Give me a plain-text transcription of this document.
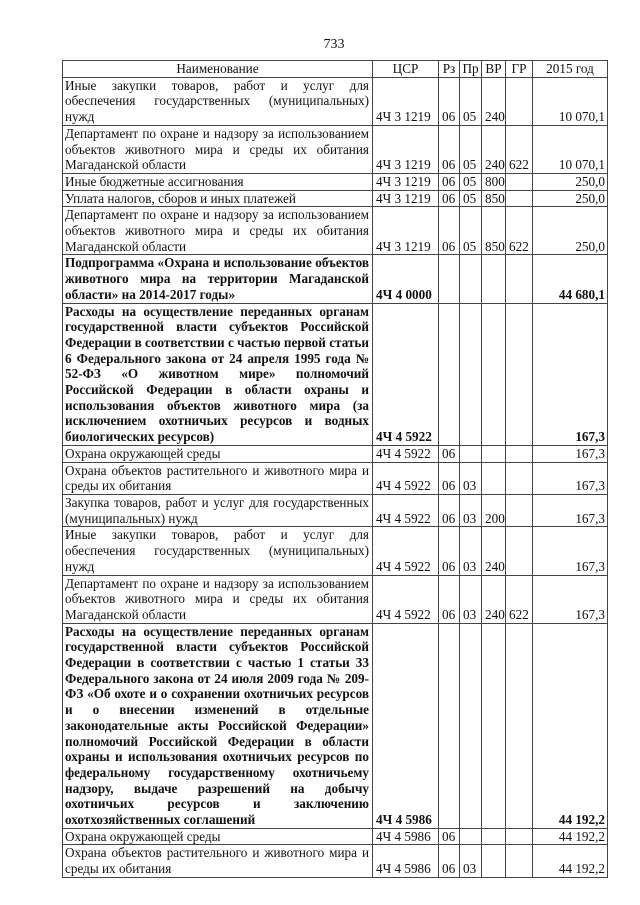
733
Наименование	ЦСР	Рз	Пр	ВР	ГР	2015 год
Иные закупки товаров, работ и услуг для обеспечения государственных (муниципальных) нужд	4Ч 3 1219	06	05	240		10 070,1
Департамент по охране и надзору за использованием объектов животного мира и среды их обитания Магаданской области	4Ч 3 1219	06	05	240	622	10 070,1
Иные бюджетные ассигнования	4Ч 3 1219	06	05	800		250,0
Уплата налогов, сборов и иных платежей	4Ч 3 1219	06	05	850		250,0
Департамент по охране и надзору за использованием объектов животного мира и среды их обитания Магаданской области	4Ч 3 1219	06	05	850	622	250,0
Подпрограмма «Охрана и использование объектов животного мира на территории Магаданской области» на 2014-2017 годы»	4Ч 4 0000					44 680,1
Расходы на осуществление переданных органам государственной власти субъектов Российской Федерации в соответствии с частью первой статьи 6 Федерального закона от 24 апреля 1995 года № 52-ФЗ «О животном мире» полномочий Российской Федерации в области охраны и использования объектов животного мира (за исключением охотничьих ресурсов и водных биологических ресурсов)	4Ч 4 5922					167,3
Охрана окружающей среды	4Ч 4 5922	06				167,3
Охрана объектов растительного и животного мира и среды их обитания	4Ч 4 5922	06	03			167,3
Закупка товаров, работ и услуг для государственных (муниципальных) нужд	4Ч 4 5922	06	03	200		167,3
Иные закупки товаров, работ и услуг для обеспечения государственных (муниципальных) нужд	4Ч 4 5922	06	03	240		167,3
Департамент по охране и надзору за использованием объектов животного мира и среды их обитания Магаданской области	4Ч 4 5922	06	03	240	622	167,3
Расходы на осуществление переданных органам государственной власти субъектов Российской Федерации в соответствии с частью 1 статьи 33 Федерального закона от 24 июля 2009 года № 209-ФЗ «Об охоте и о сохранении охотничьих ресурсов и о внесении изменений в отдельные законодательные акты Российской Федерации» полномочий Российской Федерации в области охраны и использования охотничьих ресурсов по федеральному государственному охотничьему надзору, выдаче разрешений на добычу охотничьих ресурсов и заключению охотхозяйственных соглашений	4Ч 4 5986					44 192,2
Охрана окружающей среды	4Ч 4 5986	06				44 192,2
Охрана объектов растительного и животного мира и среды их обитания	4Ч 4 5986	06	03			44 192,2
